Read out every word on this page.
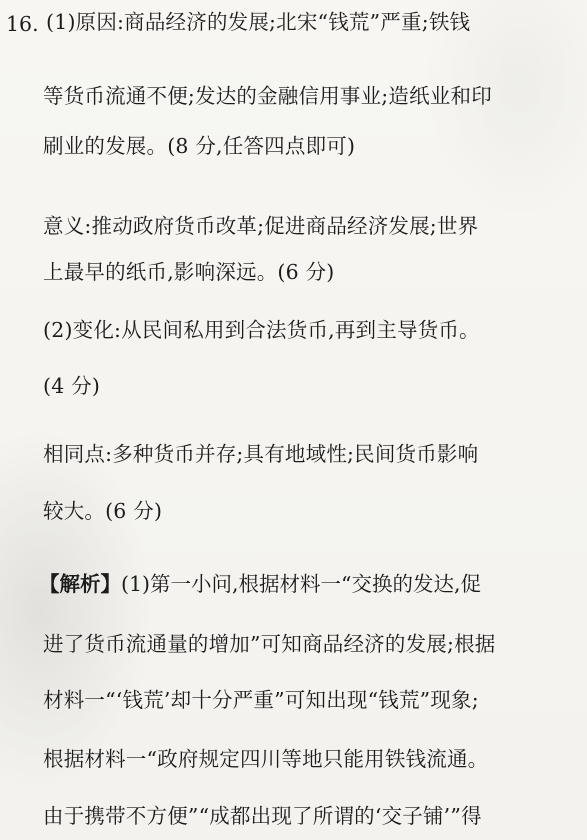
16. (1)原因:商品经济的发展;北宋“钱荒”严重;铁钱
等货币流通不便;发达的金融信用事业;造纸业和印
刷业的发展。(8 分,任答四点即可)
意义:推动政府货币改革;促进商品经济发展;世界
上最早的纸币,影响深远。(6 分)
(2)变化:从民间私用到合法货币,再到主导货币。
(4 分)
相同点:多种货币并存;具有地域性;民间货币影响
较大。(6 分)
【解析】(1)第一小问,根据材料一“交换的发达,促
进了货币流通量的增加”可知商品经济的发展;根据
材料一“‘钱荒’却十分严重”可知出现“钱荒”现象;
根据材料一“政府规定四川等地只能用铁钱流通。
由于携带不方便”“成都出现了所谓的‘交子铺’”得
